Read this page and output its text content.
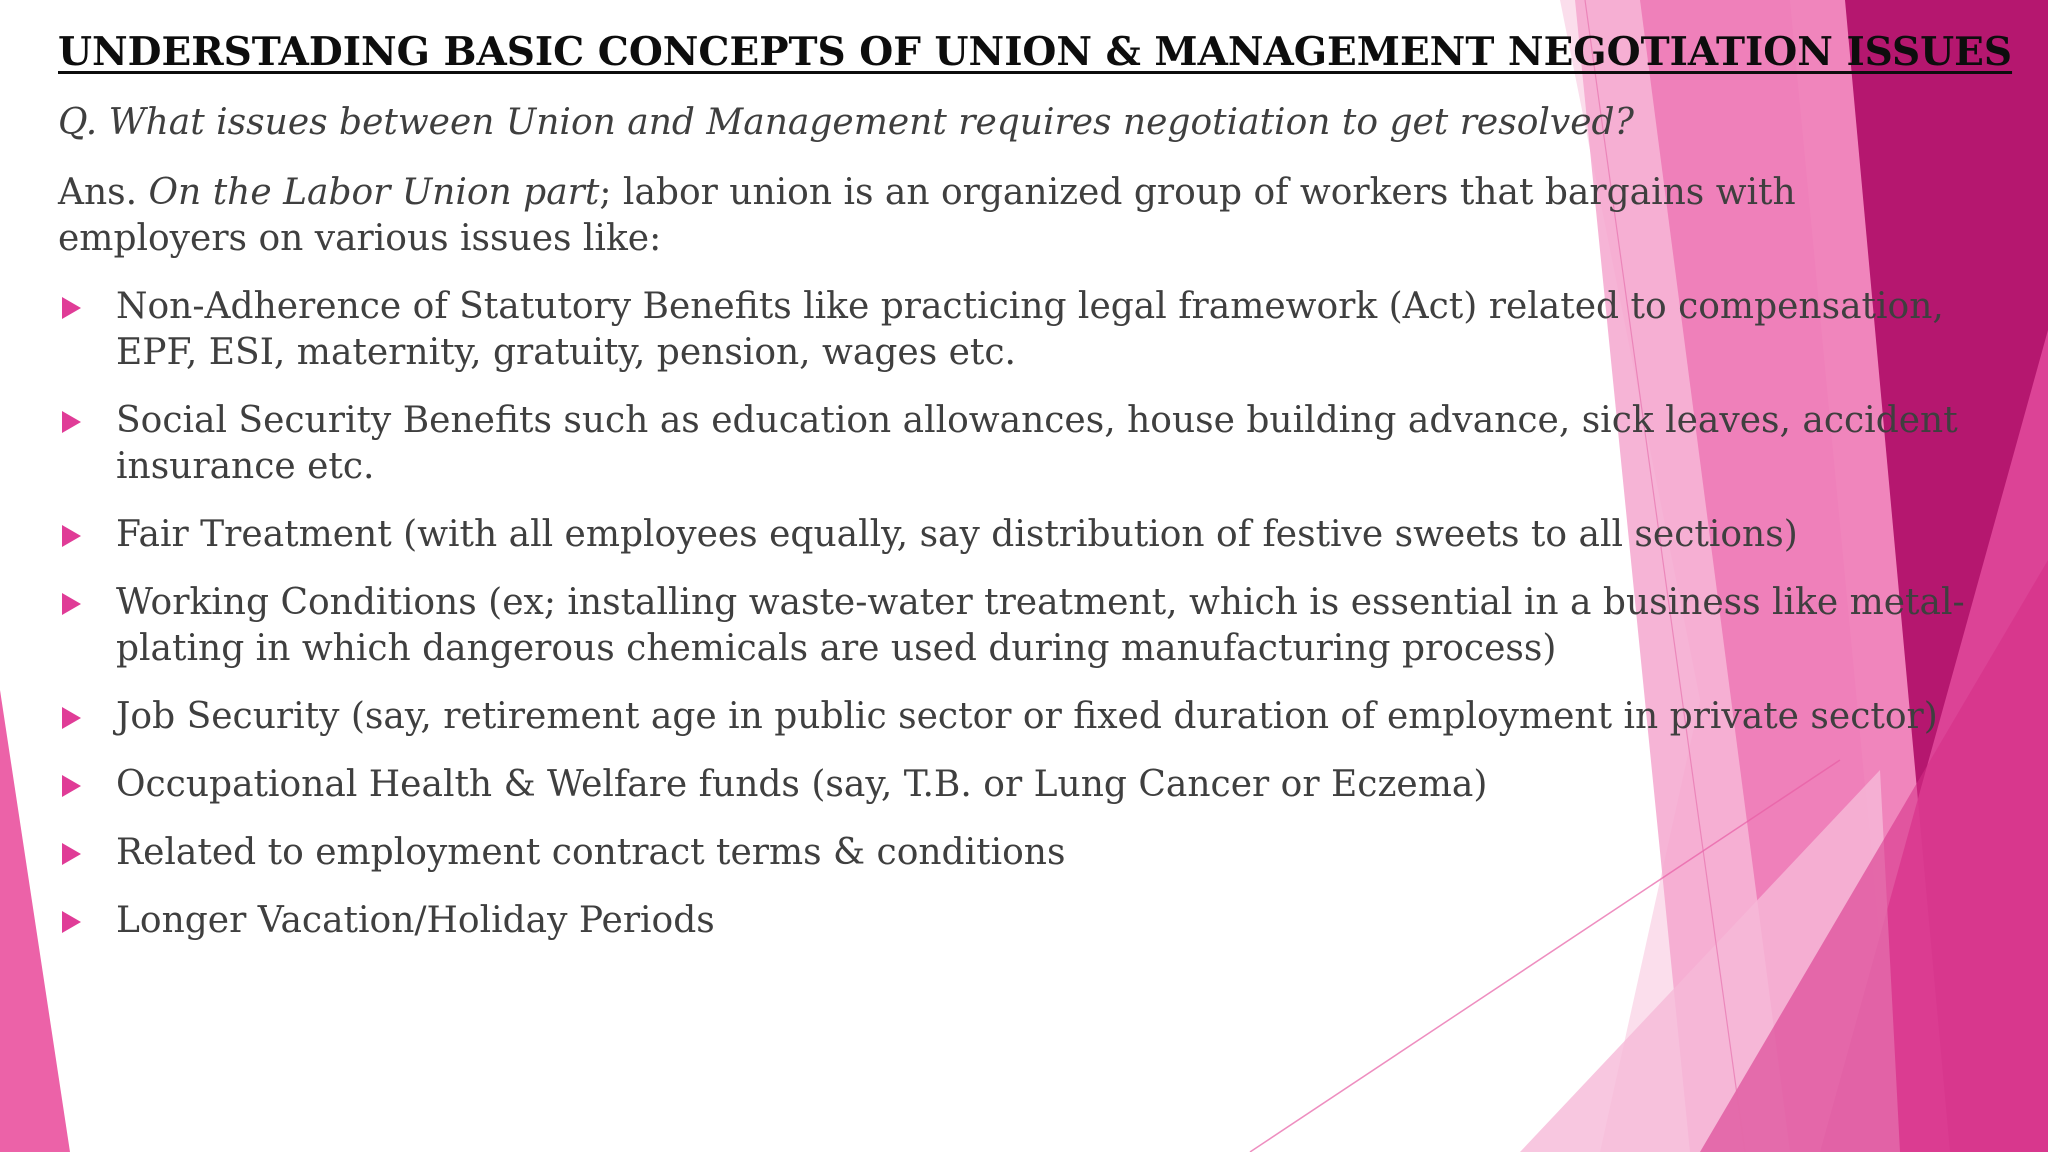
UNDERSTADING BASIC CONCEPTS OF UNION & MANAGEMENT NEGOTIATION ISSUES

Q. What issues between Union and Management requires negotiation to get resolved?

Ans. On the Labor Union part; labor union is an organized group of workers that bargains with employers on various issues like:

Non-Adherence of Statutory Benefits like practicing legal framework (Act) related to compensation, EPF, ESI, maternity, gratuity, pension, wages etc.
Social Security Benefits such as education allowances, house building advance, sick leaves, accident insurance etc.
Fair Treatment (with all employees equally, say distribution of festive sweets to all sections)
Working Conditions (ex; installing waste-water treatment, which is essential in a business like metal-plating in which dangerous chemicals are used during manufacturing process)
Job Security (say, retirement age in public sector or fixed duration of employment in private sector)
Occupational Health & Welfare funds (say, T.B. or Lung Cancer or Eczema)
Related to employment contract terms & conditions
Longer Vacation/Holiday Periods
